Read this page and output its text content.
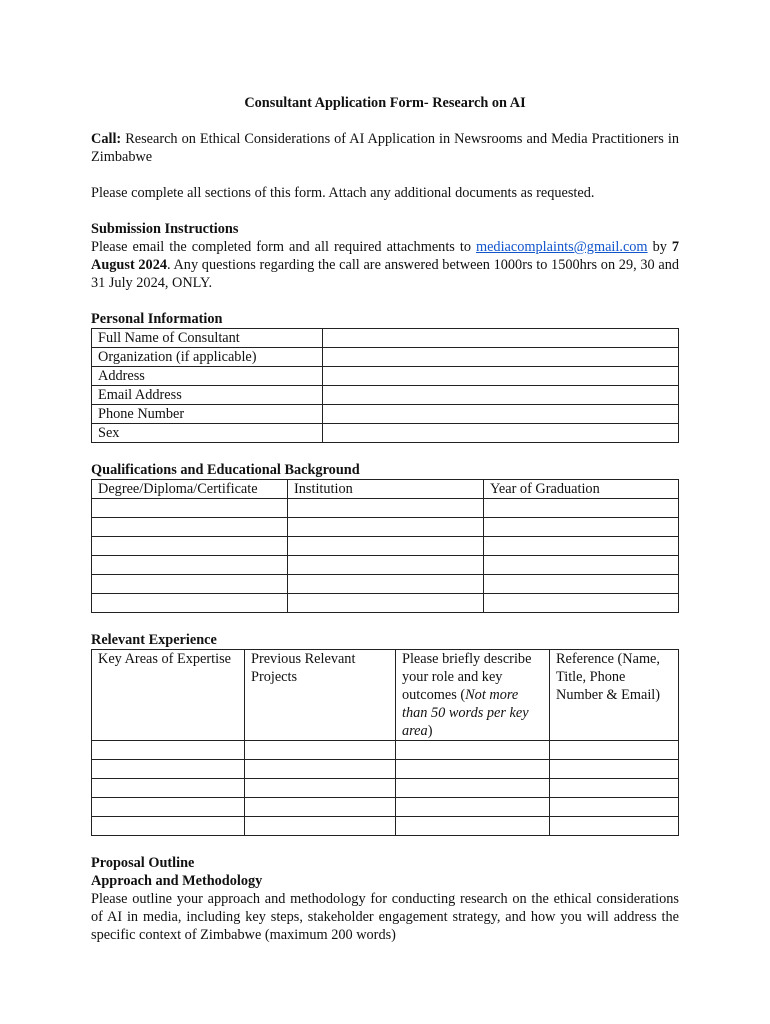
Consultant Application Form- Research on AI

Call: Research on Ethical Considerations of AI Application in Newsrooms and Media Practitioners in Zimbabwe

Please complete all sections of this form. Attach any additional documents as requested.

Submission Instructions

Please email the completed form and all required attachments to mediacomplaints@gmail.com by 7 August 2024. Any questions regarding the call are answered between 1000rs to 1500hrs on 29, 30 and 31 July 2024, ONLY.

Personal Information

Full Name of Consultant	
Organization (if applicable)	
Address	
Email Address	
Phone Number	
Sex	

Qualifications and Educational Background

Degree/Diploma/Certificate	Institution	Year of Graduation

Relevant Experience

Key Areas of Expertise	Previous Relevant Projects	Please briefly describe your role and key outcomes (Not more than 50 words per key area)	Reference (Name, Title, Phone Number & Email)

Proposal Outline

Approach and Methodology

Please outline your approach and methodology for conducting research on the ethical considerations of AI in media, including key steps, stakeholder engagement strategy, and how you will address the specific context of Zimbabwe (maximum 200 words)
